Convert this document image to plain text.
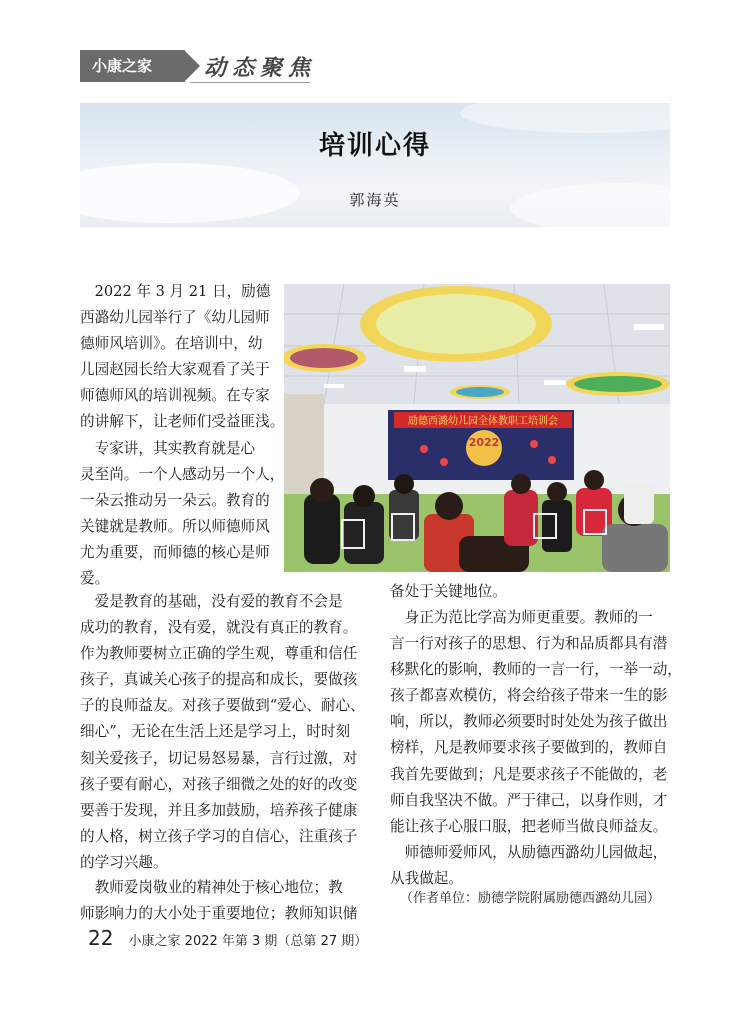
小康之家	动态聚焦
培训心得
郭海英
　2022 年 3 月 21 日，励德
西潞幼儿园举行了《幼儿园师
德师风培训》。在培训中，幼
儿园赵园长给大家观看了关于
师德师风的培训视频。在专家
的讲解下，让老师们受益匪浅。
　专家讲，其实教育就是心
灵至尚。一个人感动另一个人，
一朵云推动另一朵云。教育的
关键就是教师。所以师德师风
尤为重要，而师德的核心是师
爱。
　爱是教育的基础，没有爱的教育不会是
成功的教育，没有爱，就没有真正的教育。
作为教师要树立正确的学生观，尊重和信任
孩子，真诚关心孩子的提高和成长，要做孩
子的良师益友。对孩子要做到“爱心、耐心、
细心”，无论在生活上还是学习上，时时刻
刻关爱孩子，切记易怒易暴，言行过激，对
孩子要有耐心，对孩子细微之处的好的改变
要善于发现，并且多加鼓励，培养孩子健康
的人格，树立孩子学习的自信心，注重孩子
的学习兴趣。
　教师爱岗敬业的精神处于核心地位；教
师影响力的大小处于重要地位；教师知识储
备处于关键地位。
　身正为范比学高为师更重要。教师的一
言一行对孩子的思想、行为和品质都具有潜
移默化的影响，教师的一言一行，一举一动，
孩子都喜欢模仿，将会给孩子带来一生的影
响，所以，教师必须要时时处处为孩子做出
榜样，凡是教师要求孩子要做到的，教师自
我首先要做到；凡是要求孩子不能做的，老
师自我坚决不做。严于律己，以身作则，才
能让孩子心服口服，把老师当做良师益友。
　师德师爱师风，从励德西潞幼儿园做起，
从我做起。
（作者单位：励德学院附属励德西潞幼儿园）
励德西潞幼儿园全体教职工培训会
2022
22 小康之家 2022 年第 3 期（总第 27 期）
